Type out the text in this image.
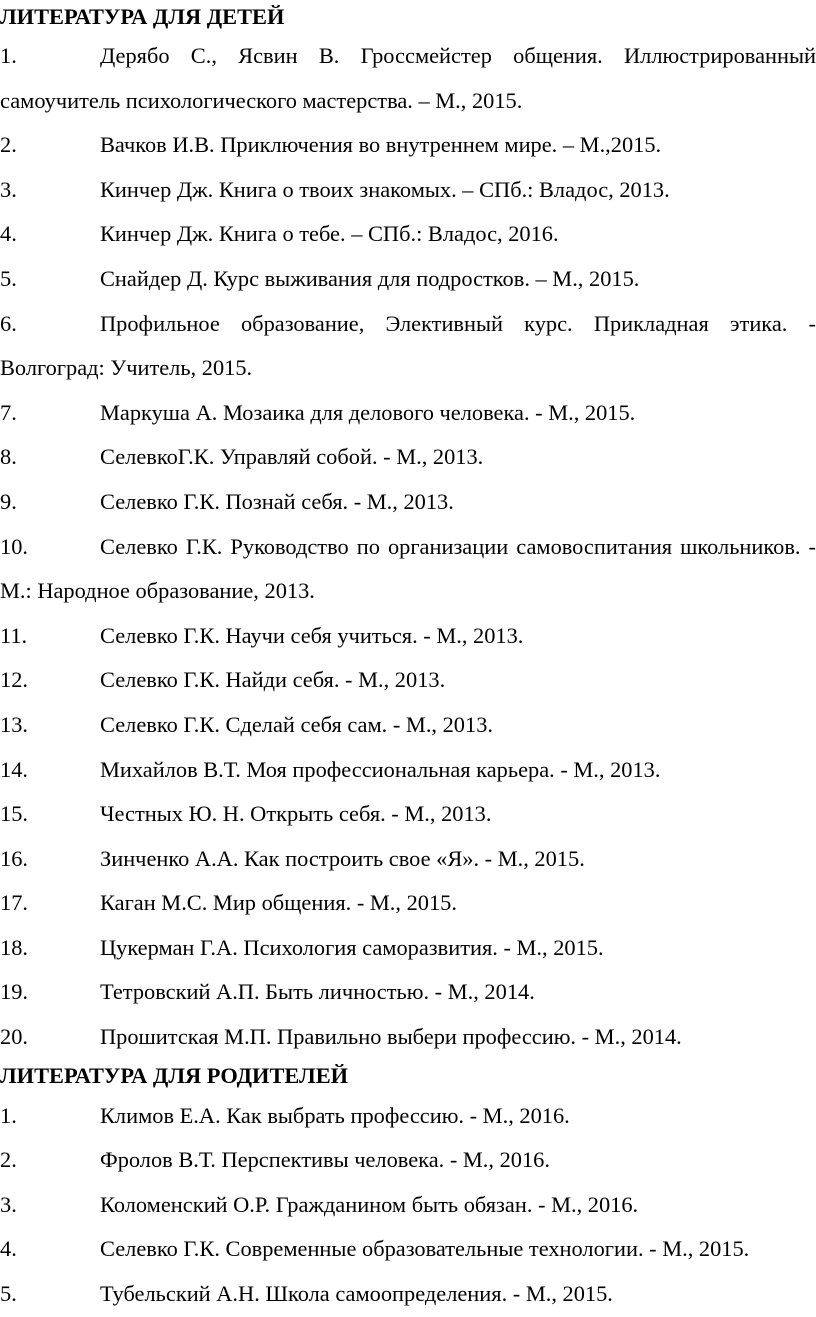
ЛИТЕРАТУРА ДЛЯ ДЕТЕЙ
1.	Дерябо С., Ясвин В. Гроссмейстер общения. Иллюстрированный самоучитель психологического мастерства. – М., 2015.
2.	Вачков И.В. Приключения во внутреннем мире. – М.,2015.
3.	Кинчер Дж. Книга о твоих знакомых. – СПб.: Владос, 2013.
4.	Кинчер Дж. Книга о тебе. – СПб.: Владос, 2016.
5.	Снайдер Д. Курс выживания для подростков. – М., 2015.
6.	Профильное образование, Элективный курс. Прикладная этика. - Волгоград: Учитель, 2015.
7.	Маркуша А. Мозаика для делового человека. - М., 2015.
8.	СелевкоГ.К. Управляй собой. - М., 2013.
9.	Селевко Г.К. Познай себя. - М., 2013.
10.	Селевко Г.К. Руководство по организации самовоспитания школьников. - М.: Народное образование, 2013.
11.	Селевко Г.К. Научи себя учиться. - М., 2013.
12.	Селевко Г.К. Найди себя. - М., 2013.
13.	Селевко Г.К. Сделай себя сам. - М., 2013.
14.	Михайлов В.Т. Моя профессиональная карьера. - М., 2013.
15.	Честных Ю. Н. Открыть себя. - М., 2013.
16.	Зинченко А.А. Как построить свое «Я». - М., 2015.
17.	Каган М.С. Мир общения. - М., 2015.
18.	Цукерман Г.А. Психология саморазвития. - М., 2015.
19.	Тетровский А.П. Быть личностью. - М., 2014.
20.	Прошитская М.П. Правильно выбери профессию. - М., 2014.
ЛИТЕРАТУРА ДЛЯ РОДИТЕЛЕЙ
1.	Климов Е.А. Как выбрать профессию. - М., 2016.
2.	Фролов В.Т. Перспективы человека. - М., 2016.
3.	Коломенский О.Р. Гражданином быть обязан. - М., 2016.
4.	Селевко Г.К. Современные образовательные технологии. - М., 2015.
5.	Тубельский А.Н. Школа самоопределения. - М., 2015.
